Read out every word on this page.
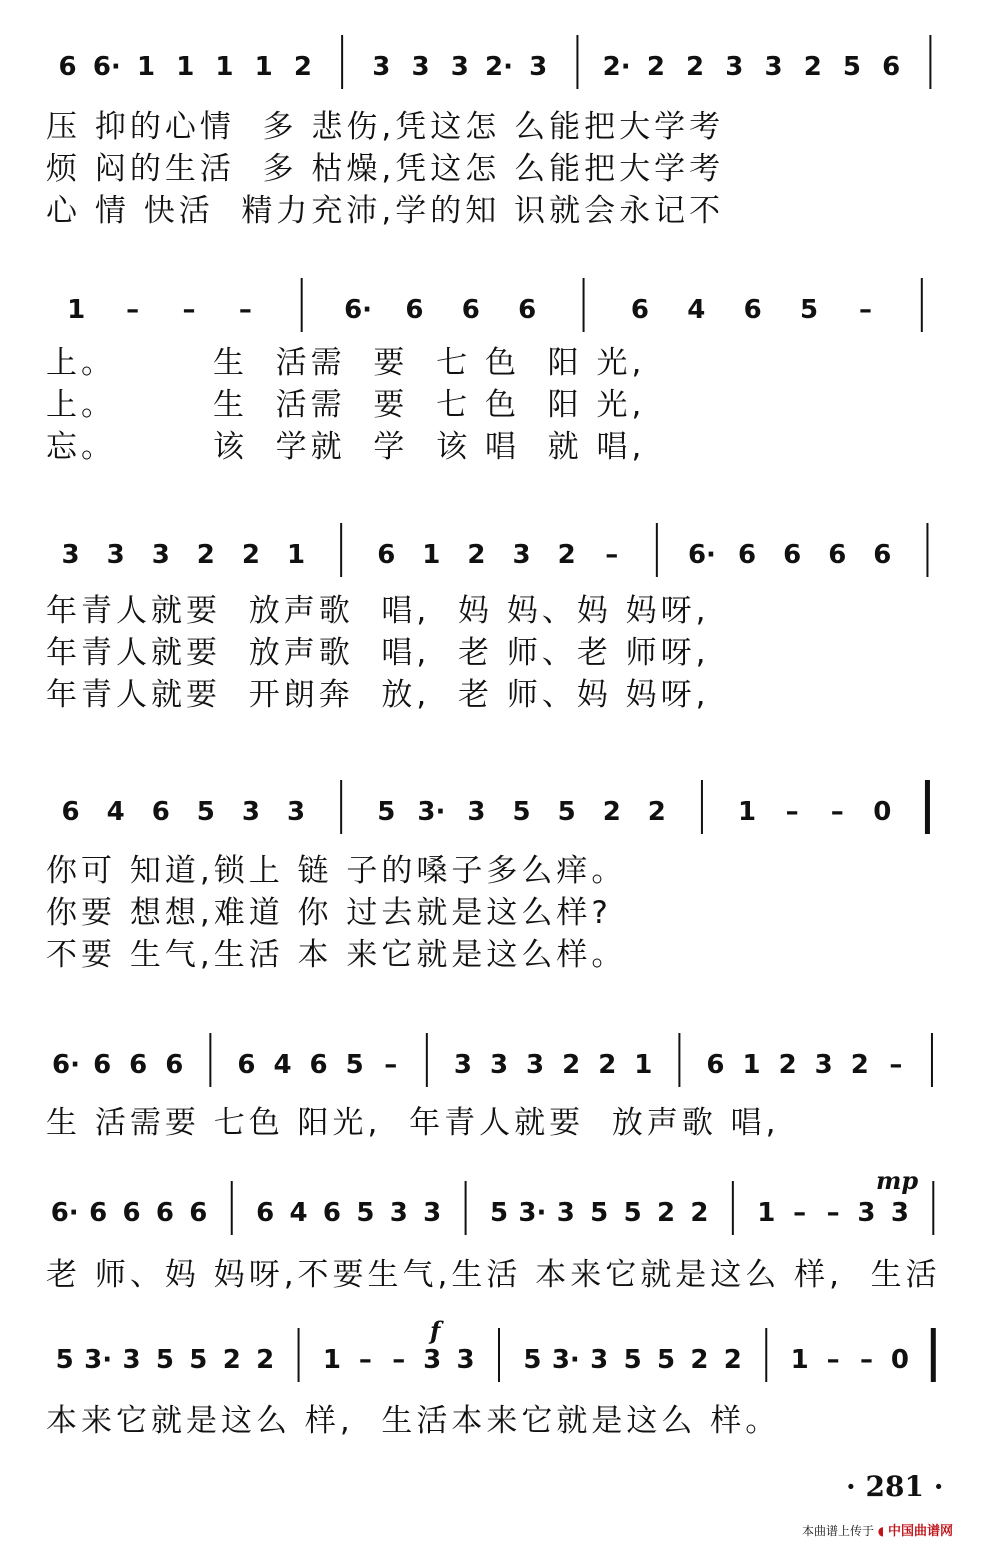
6 6· 1 1 1 1 2 3 3 3 2· 3 2· 2 2 3 3 2 5 6
1 – – –	6· 6 6 6	6 4 6 5 –
3 3 3 2 2 1	6 1 2 3 2 –	6· 6 6 6 6
6 4 6 5 3 3	5 3· 3 5 5 2 2	1 – – 0
6· 6 6 6 6 4 6 5 – 3 3 3 2 2 1 6 1 2 3 2 –
6· 6 6 6 6 6 4 6 5 3 3 5 3· 3 5 5 2 2 1 – – 3 3
5 3· 3 5 5 2 2 1 – – 3 3 5 3· 3 5 5 2 2 1 – – 0
压 抑的心情  多 悲伤,凭这怎 么能把大学考
烦 闷的生活  多 枯燥,凭这怎 么能把大学考
心 情 快活  精力充沛,学的知 识就会永记不
上。       生  活需  要  七 色  阳 光,
上。       生  活需  要  七 色  阳 光,
忘。       该  学就  学  该 唱  就 唱,
年青人就要  放声歌  唱,  妈 妈、妈 妈呀,
年青人就要  放声歌  唱,  老 师、老 师呀,
年青人就要  开朗奔  放,  老 师、妈 妈呀,
你可 知道,锁上 链 子的嗓子多么痒。
你要 想想,难道 你 过去就是这么样?
不要 生气,生活 本 来它就是这么样。
生 活需要 七色 阳光,  年青人就要  放声歌 唱,
老 师、妈 妈呀,不要生气,生活 本来它就是这么 样,  生活
本来它就是这么 样,  生活本来它就是这么 样。
mp
f
· 281 ·
本曲谱上传于 ◖ 中国曲谱网
